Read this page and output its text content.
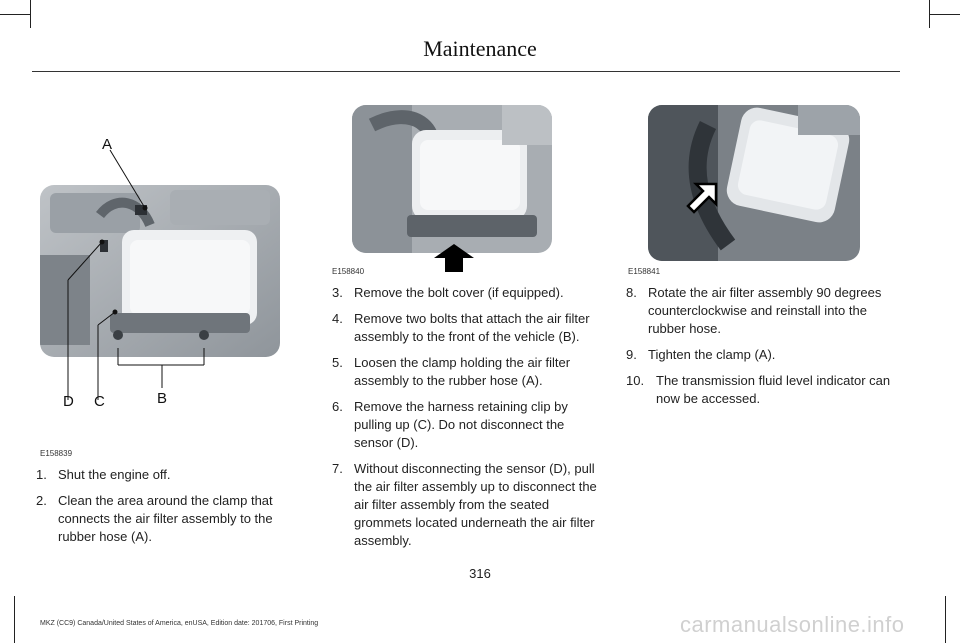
Maintenance
A
B
C
D
E158839
E158840	E158841
1. Shut the engine off.
2. Clean the area around the clamp that connects the air filter assembly to the rubber hose (A).
3. Remove the bolt cover (if equipped).
4. Remove two bolts that attach the air filter assembly to the front of the vehicle (B).
5. Loosen the clamp holding the air filter assembly to the rubber hose (A).
6. Remove the harness retaining clip by pulling up (C). Do not disconnect the sensor (D).
7. Without disconnecting the sensor (D), pull the air filter assembly up to disconnect the air filter assembly from the seated grommets located underneath the air filter assembly.
8. Rotate the air filter assembly 90 degrees counterclockwise and reinstall into the rubber hose.
9. Tighten the clamp (A).
10. The transmission fluid level indicator can now be accessed.
316
MKZ (CC9) Canada/United States of America, enUSA, Edition date: 201706, First Printing	carmanualsonline.info
